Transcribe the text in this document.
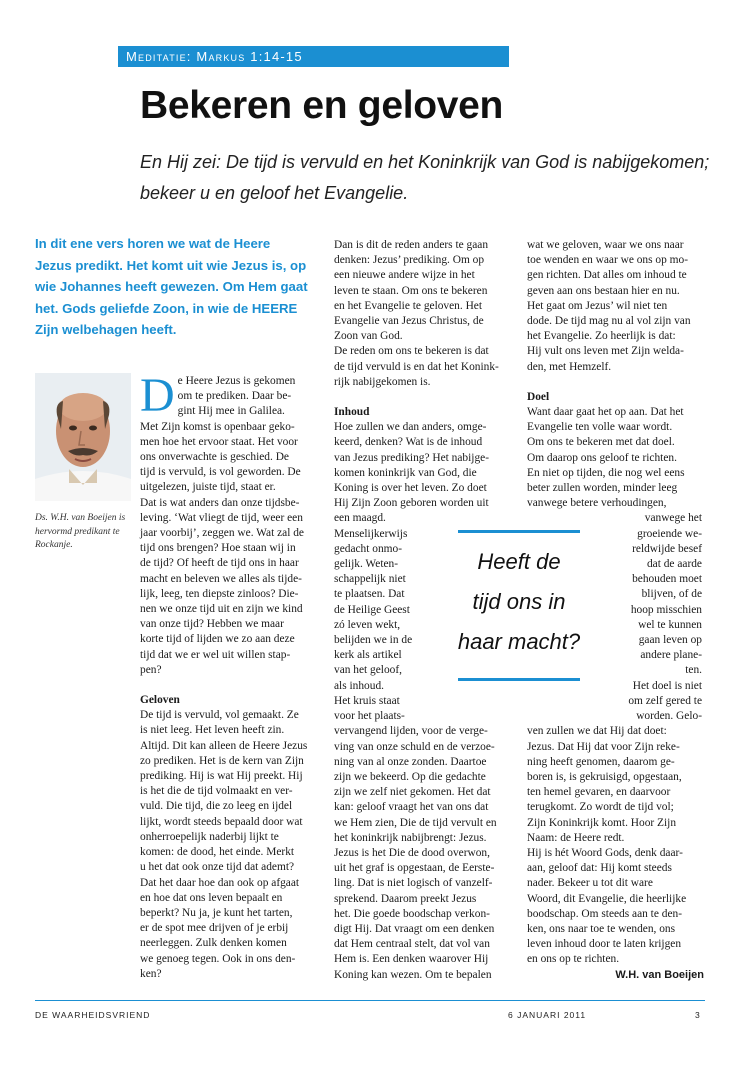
Meditatie: Markus 1:14-15
Bekeren en geloven

En Hij zei: De tijd is vervuld en het Koninkrijk van God is nabijgekomen; bekeer u en geloof het Evangelie.

In dit ene vers horen we wat de Heere Jezus predikt. Het komt uit wie Jezus is, op wie Johannes heeft gewezen. Om Hem gaat het. Gods geliefde Zoon, in wie de HEERE Zijn welbehagen heeft.

Ds. W.H. van Boeijen is hervormd predikant te Rockanje.

D e Heere Jezus is gekomen
om te prediken. Daar be-
gint Hij mee in Galilea.
Met Zijn komst is openbaar geko-
men hoe het ervoor staat. Het voor
ons onverwachte is geschied. De
tijd is vervuld, is vol geworden. De
uitgelezen, juiste tijd, staat er.
Dat is wat anders dan onze tijdsbe-
leving. ‘Wat vliegt de tijd, weer een
jaar voorbij’, zeggen we. Wat zal de
tijd ons brengen? Hoe staan wij in
de tijd? Of heeft de tijd ons in haar
macht en beleven we alles als tijde-
lijk, leeg, ten diepste zinloos? Die-
nen we onze tijd uit en zijn we kind
van onze tijd? Hebben we maar
korte tijd of lijden we zo aan deze
tijd dat we er wel uit willen stap-
pen?

Geloven

De tijd is vervuld, vol gemaakt. Ze
is niet leeg. Het leven heeft zin.
Altijd. Dit kan alleen de Heere Jezus
zo prediken. Het is de kern van Zijn
prediking. Hij is wat Hij preekt. Hij
is het die de tijd volmaakt en ver-
vuld. Die tijd, die zo leeg en ijdel
lijkt, wordt steeds bepaald door wat
onherroepelijk naderbij lijkt te
komen: de dood, het einde. Merkt
u het dat ook onze tijd dat ademt?
Dat het daar hoe dan ook op afgaat
en hoe dat ons leven bepaalt en
beperkt? Nu ja, je kunt het tarten,
er de spot mee drijven of je erbij
neerleggen. Zulk denken komen
we genoeg tegen. Ook in ons den-
ken?
Dan is dit de reden anders te gaan
denken: Jezus’ prediking. Om op
een nieuwe andere wijze in het
leven te staan. Om ons te bekeren
en het Evangelie te geloven. Het
Evangelie van Jezus Christus, de
Zoon van God.
De reden om ons te bekeren is dat
de tijd vervuld is en dat het Konink-
rijk nabijgekomen is.

Inhoud

Hoe zullen we dan anders, omge-
keerd, denken? Wat is de inhoud
van Jezus prediking? Het nabijge-
komen koninkrijk van God, die
Koning is over het leven. Zo doet
Hij Zijn Zoon geboren worden uit
een maagd.
Menselijkerwijs
gedacht onmo-
gelijk. Weten-
schappelijk niet
te plaatsen. Dat
de Heilige Geest
zó leven wekt,
belijden we in de
kerk als artikel
van het geloof,
als inhoud.
Het kruis staat
voor het plaats-
vervangend lijden, voor de verge-
ving van onze schuld en de verzoe-
ning van al onze zonden. Daartoe
zijn we bekeerd. Op die gedachte
zijn we zelf niet gekomen. Het dat
kan: geloof vraagt het van ons dat
we Hem zien, Die de tijd vervult en
het koninkrijk nabijbrengt: Jezus.
Jezus is het Die de dood overwon,
uit het graf is opgestaan, de Eerste-
ling. Dat is niet logisch of vanzelf-
sprekend. Daarom preekt Jezus
het. Die goede boodschap verkon-
digt Hij. Dat vraagt om een denken
dat Hem centraal stelt, dat vol van
Hem is. Een denken waarover Hij
Koning kan wezen. Om te bepalen
wat we geloven, waar we ons naar
toe wenden en waar we ons op mo-
gen richten. Dat alles om inhoud te
geven aan ons bestaan hier en nu.
Het gaat om Jezus’ wil niet ten
dode. De tijd mag nu al vol zijn van
het Evangelie. Zo heerlijk is dat:
Hij vult ons leven met Zijn welda-
den, met Hemzelf.

Doel

Want daar gaat het op aan. Dat het
Evangelie ten volle waar wordt.
Om ons te bekeren met dat doel.
Om daarop ons geloof te richten.
En niet op tijden, die nog wel eens
beter zullen worden, minder leeg
vanwege betere verhoudingen,
vanwege het
groeiende we-
reldwijde besef
dat de aarde
behouden moet
blijven, of de
hoop misschien
wel te kunnen
gaan leven op
andere plane-
ten.
Het doel is niet
om zelf gered te
worden. Gelo-
ven zullen we dat Hij dat doet:
Jezus. Dat Hij dat voor Zijn reke-
ning heeft genomen, daarom ge-
boren is, is gekruisigd, opgestaan,
ten hemel gevaren, en daarvoor
terugkomt. Zo wordt de tijd vol;
Zijn Koninkrijk komt. Hoor Zijn
Naam: de Heere redt.
Hij is hét Woord Gods, denk daar-
aan, geloof dat: Hij komt steeds
nader. Bekeer u tot dit ware
Woord, dit Evangelie, die heerlijke
boodschap. Om steeds aan te den-
ken, ons naar toe te wenden, ons
leven inhoud door te laten krijgen
en ons op te richten.

W.H. van Boeijen

Heeft de
tijd ons in
haar macht?
DE WAARHEIDSVRIEND	6 JANUARI 2011	3
